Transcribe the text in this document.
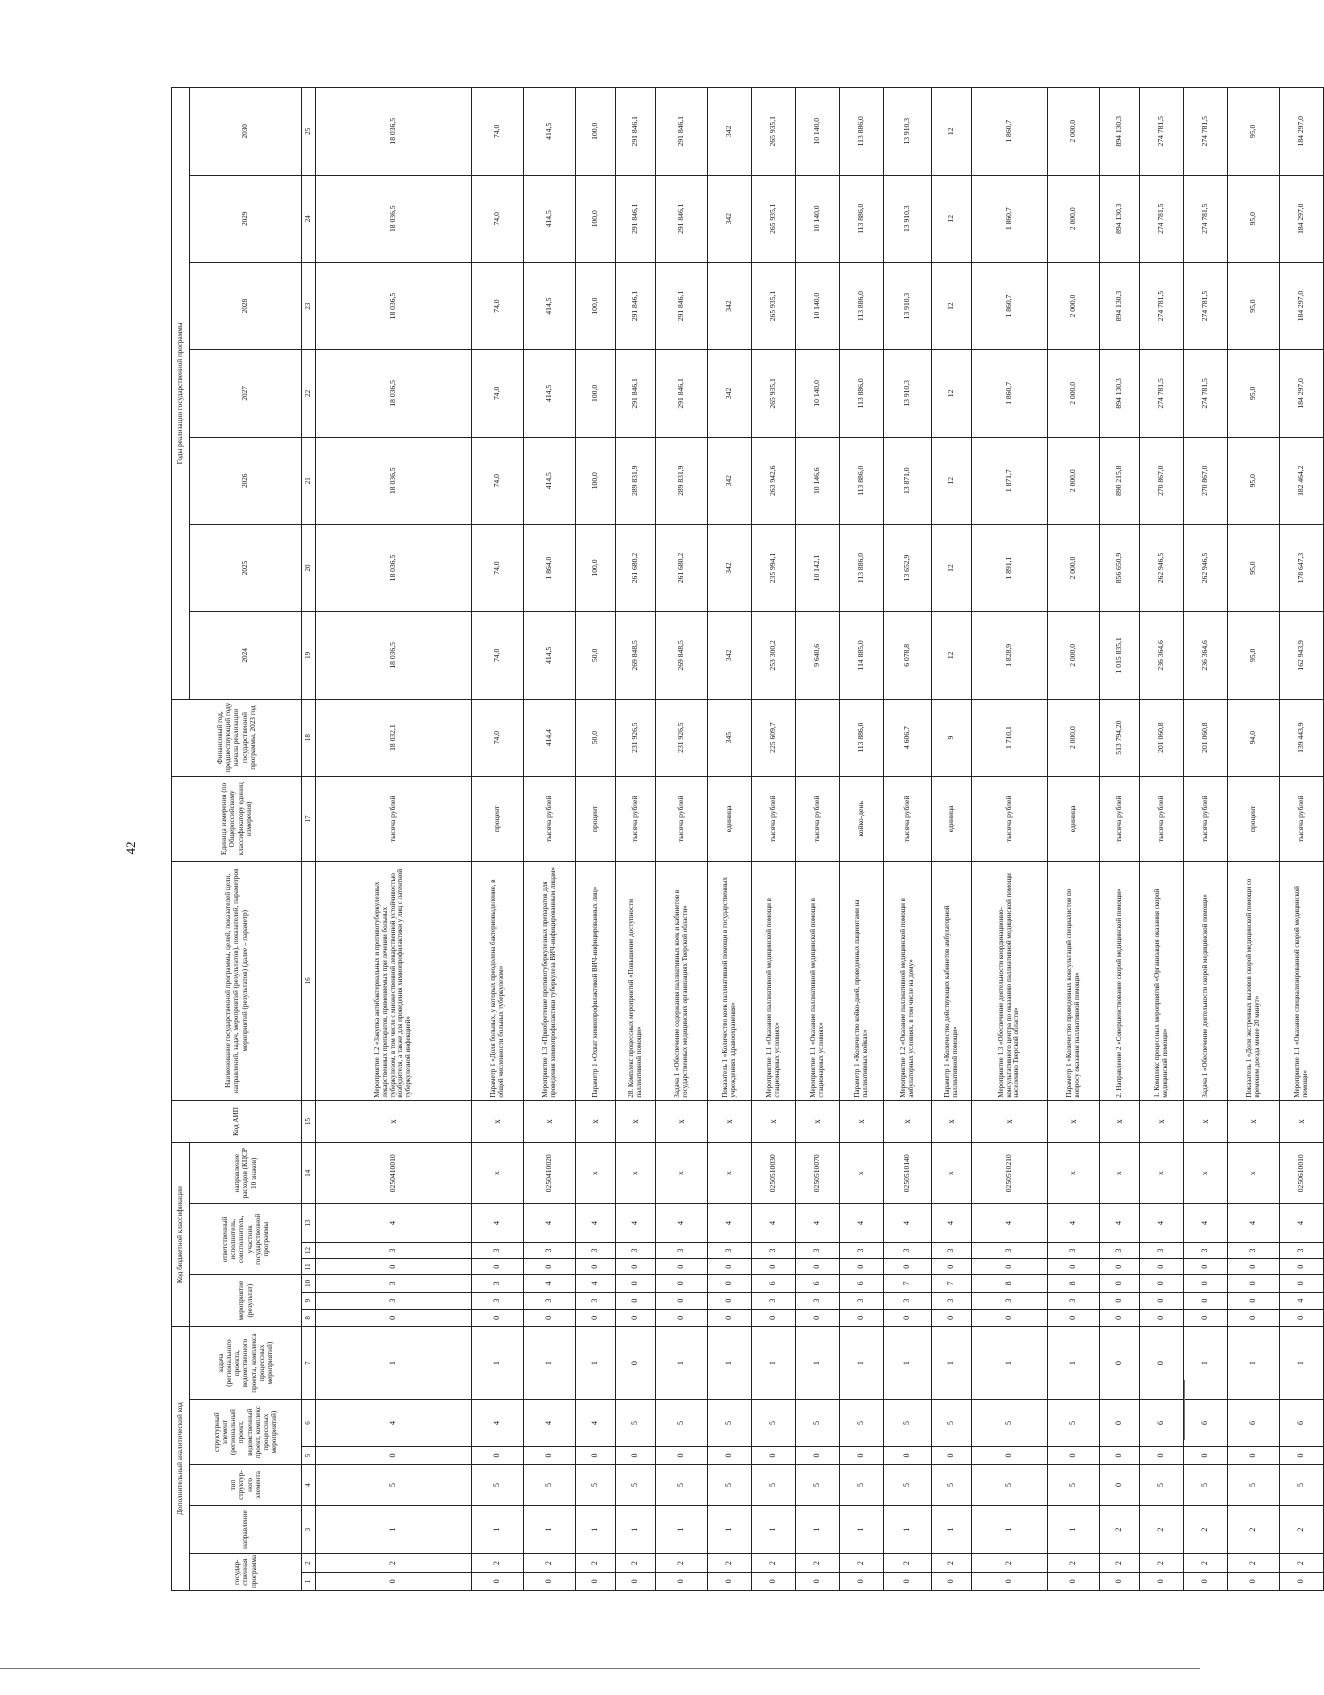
42
Дополнительный аналитический код							Код бюджетной классификации							Код АИП	Наименование государственной программы, целей, показателей цели, направлений, задач, мероприятий (результатов), показателей, параметров мероприятий (результатов) (далее – параметр)	Единица измерения (по Общероссийскому классификатору единиц измерения)	Финансовый год, предшествующий году начала реализации государственной программы, 2023 год	Годы реализации государственной программы						
государ-ственная программа		направление	тип структур-ного элемента	структурный элемент (региональный проект, ведомственный проект, комплекс процессных мероприятий)		задача (регионального проекта, ведомственного проекта, комплекса процессных мероприятий)	мероприятие (результат)			ответственный исполнитель, соисполнитель, участник государственной программы			направление расходов (КЦСР 10 знаков)					2024	2025	2026	2027	2028	2029	2030
1	2	3	4	5	6	7	8	9	10	11	12	13	14	15	16	17	18	19	20	21	22	23	24	25
0	2	1	5	0	4	1	0	3	3	0	3	4	0250410010	х	Мероприятие 1.2 «Закупка антибактериальных и противотуберкулезных лекарственных препаратов, применяемых при лечении больных туберкулезом, в том числе с множественной лекарственной устойчивостью возбудителя, а также для проведения химиопрофилактики у лиц с латентной туберкулезной инфекцией»	тысяча рублей	18 032,1	18 036,5	18 036,5	18 036,5	18 036,5	18 036,5	18 036,5	18 036,5
0	2	1	5	0	4	1	0	3	3	0	3	4	х	х	Параметр 1 «Доля больных, у которых преодолена бактериовыделение, в общей численности больных туберкулезом»	процент	74,0	74,0	74,0	74,0	74,0	74,0	74,0	74,0
0	2	1	5	0	4	1	0	3	4	0	3	4	0250410020	х	Мероприятие 1.3 «Приобретение противотуберкулезных препаратов для проведения химиопрофилактики туберкулеза ВИЧ-инфицированным лицам»	тысяча рублей	414,4	414,5	1 864,0	414,5	414,5	414,5	414,5	414,5
0	2	1	5	0	4	1	0	3	4	0	3	4	х	х	Параметр 1 «Охват химиопрофилактикой ВИЧ-инфицированных лиц»	процент	50,0	50,0	100,0	100,0	100,0	100,0	100,0	100,0
0	2	1	5	0	5	0	0	0	0	0	3	4	х	х	28. Комплекс процессных мероприятий «Повышение доступности паллиативной помощи»	тысяча рублей	231 926,5	269 848,5	261 680,2	289 831,9	291 846,1	291 846,1	291 846,1	291 846,1
0	2	1	5	0	5	1	0	0	0	0	3	4	х	х	Задача 1 «Обеспечение содержания паллиативных коек и кабинетов в государственных медицинских организациях Тверской области»	тысяча рублей	231 926,5	269 848,5	261 680,2	289 831,9	291 846,1	291 846,1	291 846,1	291 846,1
0	2	1	5	0	5	1	0	0	0	0	3	4	х	х	Показатель 1 «Количество коек паллиативной помощи в государственных учреждениях здравоохранения»	единица	345	342	342	342	342	342	342	342
0	2	1	5	0	5	1	0	3	6	0	3	4	0250510030	х	Мероприятие 1.1 «Оказание паллиативной медицинской помощи в стационарных условиях»	тысяча рублей	225 609,7	253 300,2	235 994,1	263 942,6	265 935,1	265 935,1	265 935,1	265 935,1
0	2	1	5	0	5	1	0	3	6	0	3	4	0250510070	х	Мероприятие 1.1 «Оказание паллиативной медицинской помощи в стационарных условиях»	тысяча рублей		9 640,6	10 142,1	10 146,6	10 140,0	10 140,0	10 140,0	10 140,0
0	2	1	5	0	5	1	0	3	6	0	3	4	х	х	Параметр 1 «Количество койко-дней, проведенных пациентами на паллиативных койках»	койко-день	113 886,0	114 885,0	113 886,0	113 886,0	113 886,0	113 886,0	113 886,0	113 886,0
0	2	1	5	0	5	1	0	3	7	0	3	4	0250510140	х	Мероприятие 1.2 «Оказание паллиативной медицинской помощи в амбулаторных условиях, в том числе на дому»	тысяча рублей	4 606,7	6 078,8	13 652,9	13 871,0	13 910,3	13 910,3	13 910,3	13 910,3
0	2	1	5	0	5	1	0	3	7	0	3	4	х	х	Параметр 1 «Количество действующих кабинетов амбулаторной паллиативной помощи»	единица	9	12	12	12	12	12	12	12
0	2	1	5	0	5	1	0	3	8	0	3	4	0250510210	х	Мероприятие 1.3 «Обеспечение деятельности координационно-консультативного центра по оказанию паллиативной медицинской помощи населению Тверской области»	тысяча рублей	1 710,1	1 828,9	1 891,1	1 871,7	1 860,7	1 860,7	1 860,7	1 860,7
0	2	1	5	0	5	1	0	3	8	0	3	4	х	х	Параметр 1 «Количество проведенных консультаций специалистов по вопросу оказания паллиативной помощи»	единица	2 000,0	2 000,0	2 000,0	2 000,0	2 000,0	2 000,0	2 000,0	2 000,0
0	2	2	0	0	0	0	0	0	0	0	3	4	х	х	2. Направление 2 «Совершенствование скорой медицинской помощи»	тысяча рублей	513 794,20	1 015 835,1	856 650,9	890 215,8	894 130,3	894 130,3	894 130,3	894 130,3
0	2	2	5	0	6	0	0	0	0	0	3	4	х	х	1. Комплекс процессных мероприятий «Организация оказания скорой медицинской помощи»	тысяча рублей	201 060,8	236 364,6	262 946,5	270 867,0	274 781,5	274 781,5	274 781,5	274 781,5
0	2	2	5	0	6	1	0	0	0	0	3	4	х	х	Задача 1 «Обеспечение деятельности скорой медицинской помощи»	тысяча рублей	201 060,8	236 364,6	262 946,5	270 867,0	274 781,5	274 781,5	274 781,5	274 781,5
0	2	2	5	0	6	1	0	0	0	0	3	4	х	х	Показатель 1 «Доля экстренных вызовов скорой медицинской помощи со временем доезда менее 20 минут»	процент	94,0	95,0	95,0	95,0	95,0	95,0	95,0	95,0
0	2	2	5	0	6	1	0	4	0	0	3	4	0250610010	х	Мероприятие 1.1 «Оказание специализированной скорой медицинской помощи»	тысяча рублей	139 443,9	162 943,9	178 647,3	182 464,2	184 297,0	184 297,0	184 297,0	184 297,0
